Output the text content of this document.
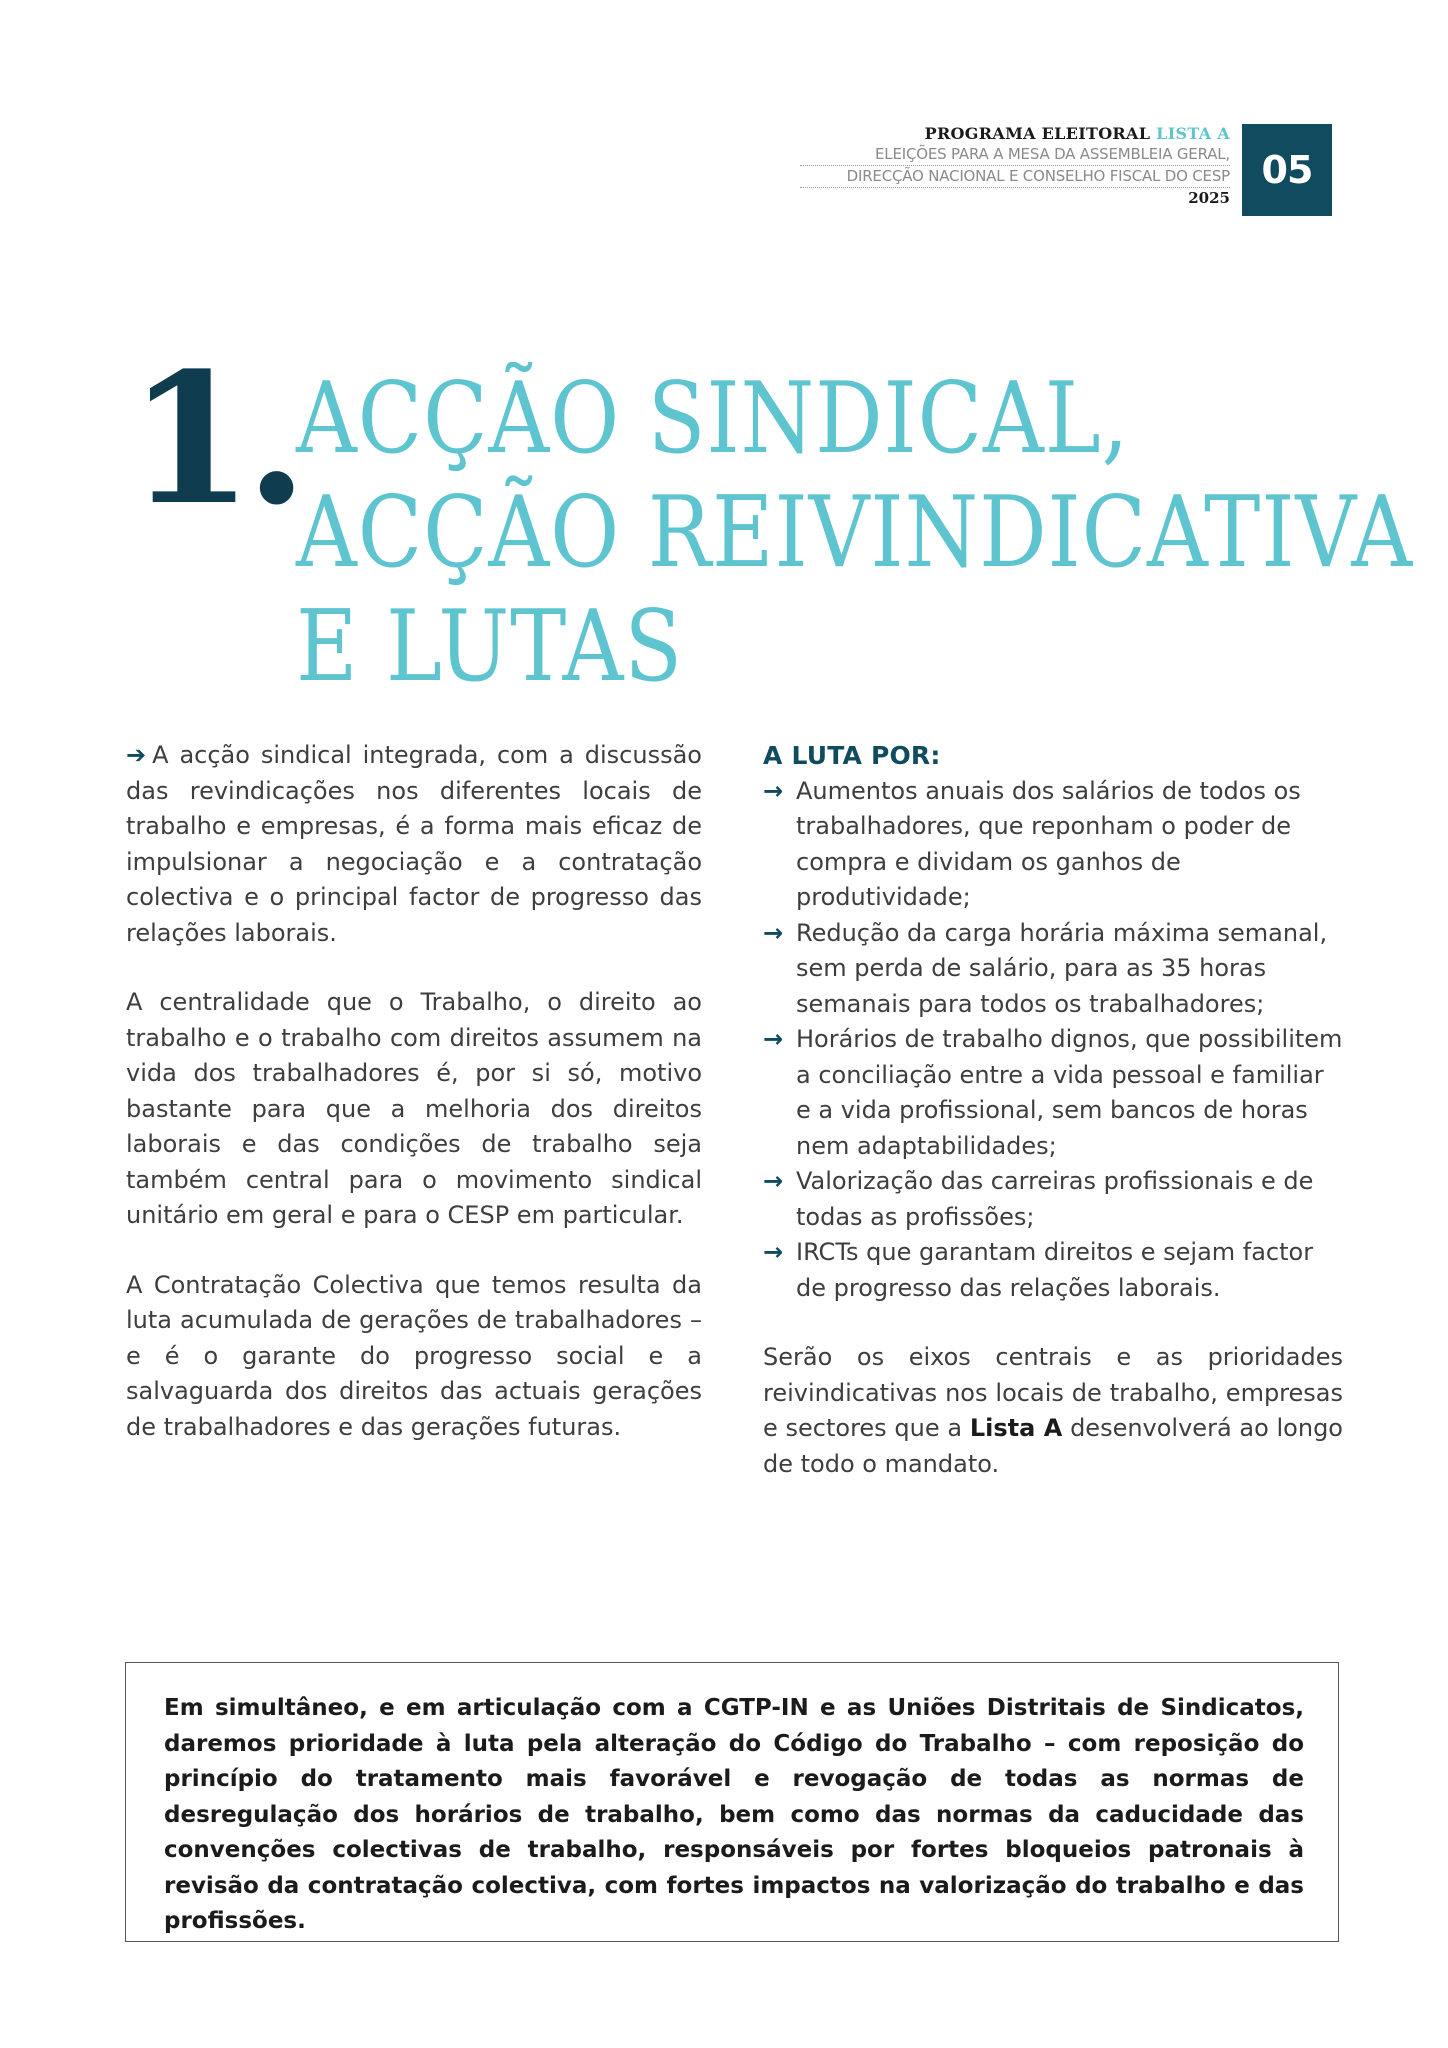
PROGRAMA ELEITORAL LISTA A
ELEIÇÕES PARA A MESA DA ASSEMBLEIA GERAL,
DIRECÇÃO NACIONAL E CONSELHO FISCAL DO CESP
2025
05
1.
ACÇÃO SINDICAL,
ACÇÃO REIVINDICATIVA
E LUTAS

➔ A acção sindical integrada, com a discussão das revindicações nos diferentes locais de trabalho e empresas, é a forma mais eficaz de impulsionar a negociação e a contratação colectiva e o principal factor de progresso das relações laborais.

A centralidade que o Trabalho, o direito ao trabalho e o trabalho com direitos assumem na vida dos trabalhadores é, por si só, motivo bastante para que a melhoria dos direitos laborais e das condições de trabalho seja também central para o movimento sindical unitário em geral e para o CESP em particular.

A Contratação Colectiva que temos resulta da luta acumulada de gerações de trabalhadores – e é o garante do progresso social e a salvaguarda dos direitos das actuais gerações de trabalhadores e das gerações futuras.

A LUTA POR:
→ Aumentos anuais dos salários de todos os trabalhadores, que reponham o poder de compra e dividam os ganhos de produtividade;
→ Redução da carga horária máxima semanal, sem perda de salário, para as 35 horas semanais para todos os trabalhadores;
→ Horários de trabalho dignos, que possibilitem a conciliação entre a vida pessoal e familiar e a vida profissional, sem bancos de horas nem adaptabilidades;
→ Valorização das carreiras profissionais e de todas as profissões;
→ IRCTs que garantam direitos e sejam factor de progresso das relações laborais.

Serão os eixos centrais e as prioridades reivindicativas nos locais de trabalho, empresas e sectores que a Lista A desenvolverá ao longo de todo o mandato.

Em simultâneo, e em articulação com a CGTP-IN e as Uniões Distritais de Sindicatos, daremos prioridade à luta pela alteração do Código do Trabalho – com reposição do princípio do tratamento mais favorável e revogação de todas as normas de desregulação dos horários de trabalho, bem como das normas da caducidade das convenções colectivas de trabalho, responsáveis por fortes bloqueios patronais à revisão da contratação colectiva, com fortes impactos na valorização do trabalho e das profissões.
